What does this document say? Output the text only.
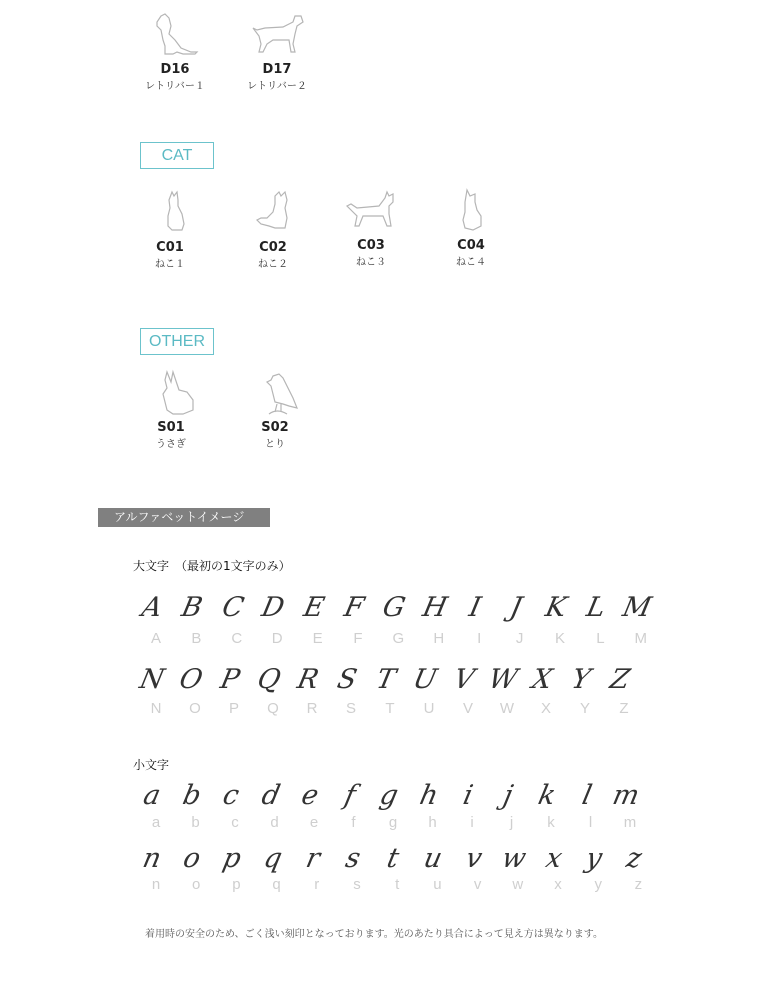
D16
レトリバー１
D17
レトリバー２
CAT
C01
ねこ１
C02
ねこ２
C03
ねこ３
C04
ねこ４
OTHER
S01
うさぎ
S02
とり
アルファベットイメージ
大文字　（最初の1文字のみ）
A
A
B
B
C
C
D
D
E
E
F
F
G
G
H
H
I
I
J
J
K
K
L
L
M
M
N
N
O
O
P
P
Q
Q
R
R
S
S
T
T
U
U
V
V
W
W
X
X
Y
Y
Z
Z
小文字
a
a
b
b
c
c
d
d
e
e
f
f
g
g
h
h
i
i
j
j
k
k
l
l
m
m
n
n
o
o
p
p
q
q
r
r
s
s
t
t
u
u
v
v
w
w
x
x
y
y
z
z
着用時の安全のため、ごく浅い刻印となっております。光のあたり具合によって見え方は異なります。
